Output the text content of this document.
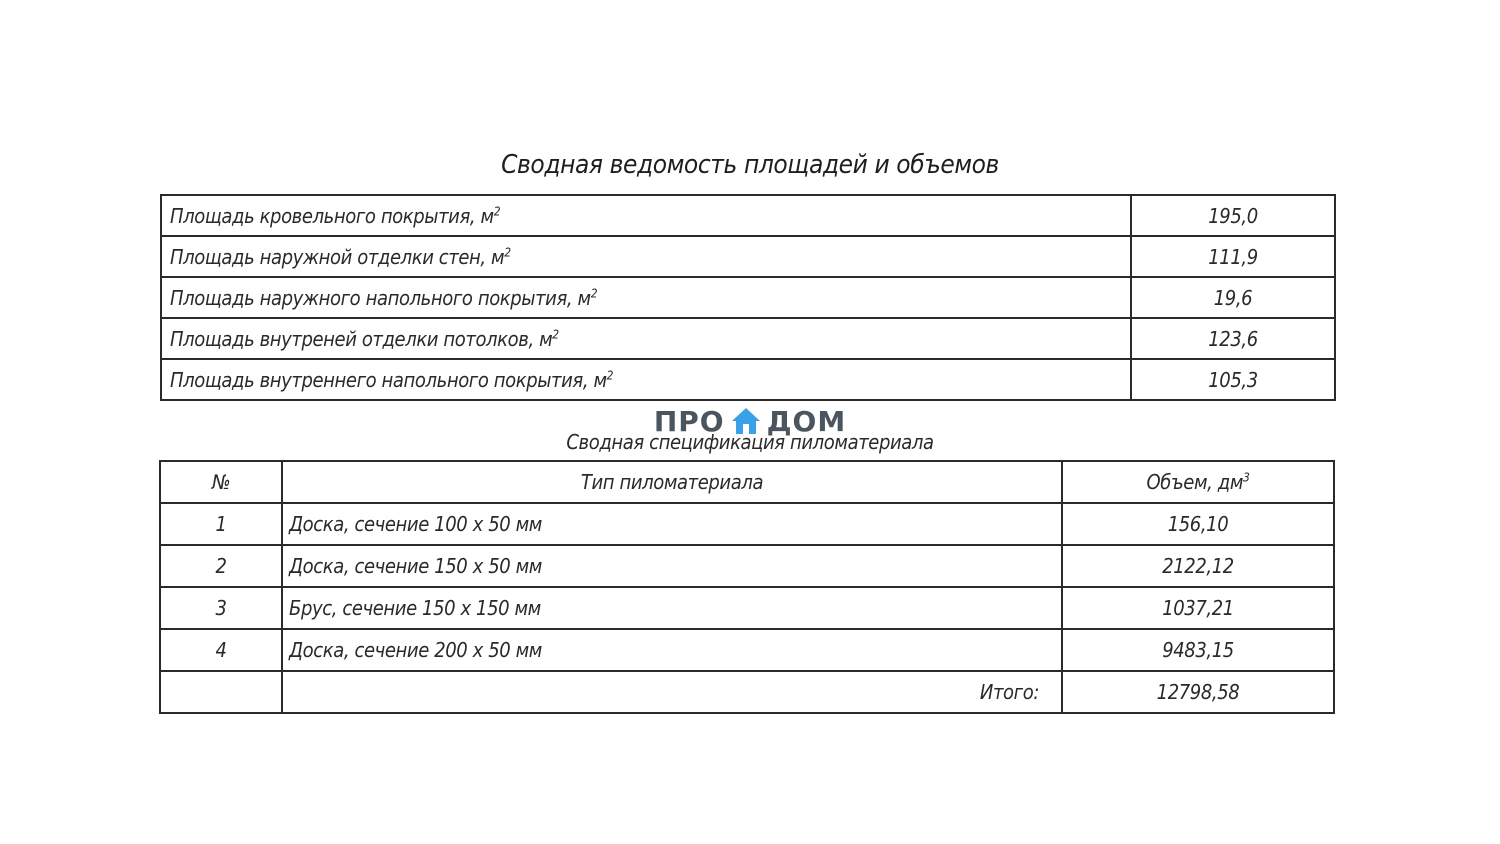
Сводная ведомость площадей и объемов
Площадь кровельного покрытия, $м^2$	195,0
Площадь наружной отделки стен, $м^2$	111,9
Площадь наружного напольного покрытия, $м^2$	19,6
Площадь внутреней отделки потолков, $м^2$	123,6
Площадь внутреннего напольного покрытия, $м^2$	105,3
ПРО ДОМ
Сводная спецификация пиломатериала
№	Тип пиломатериала	Объем, $дм^3$
1	Доска, сечение 100 х 50 мм	156,10
2	Доска, сечение 150 х 50 мм	2122,12
3	Брус, сечение 150 х 150 мм	1037,21
4	Доска, сечение 200 х 50 мм	9483,15
	Итого:	12798,58
